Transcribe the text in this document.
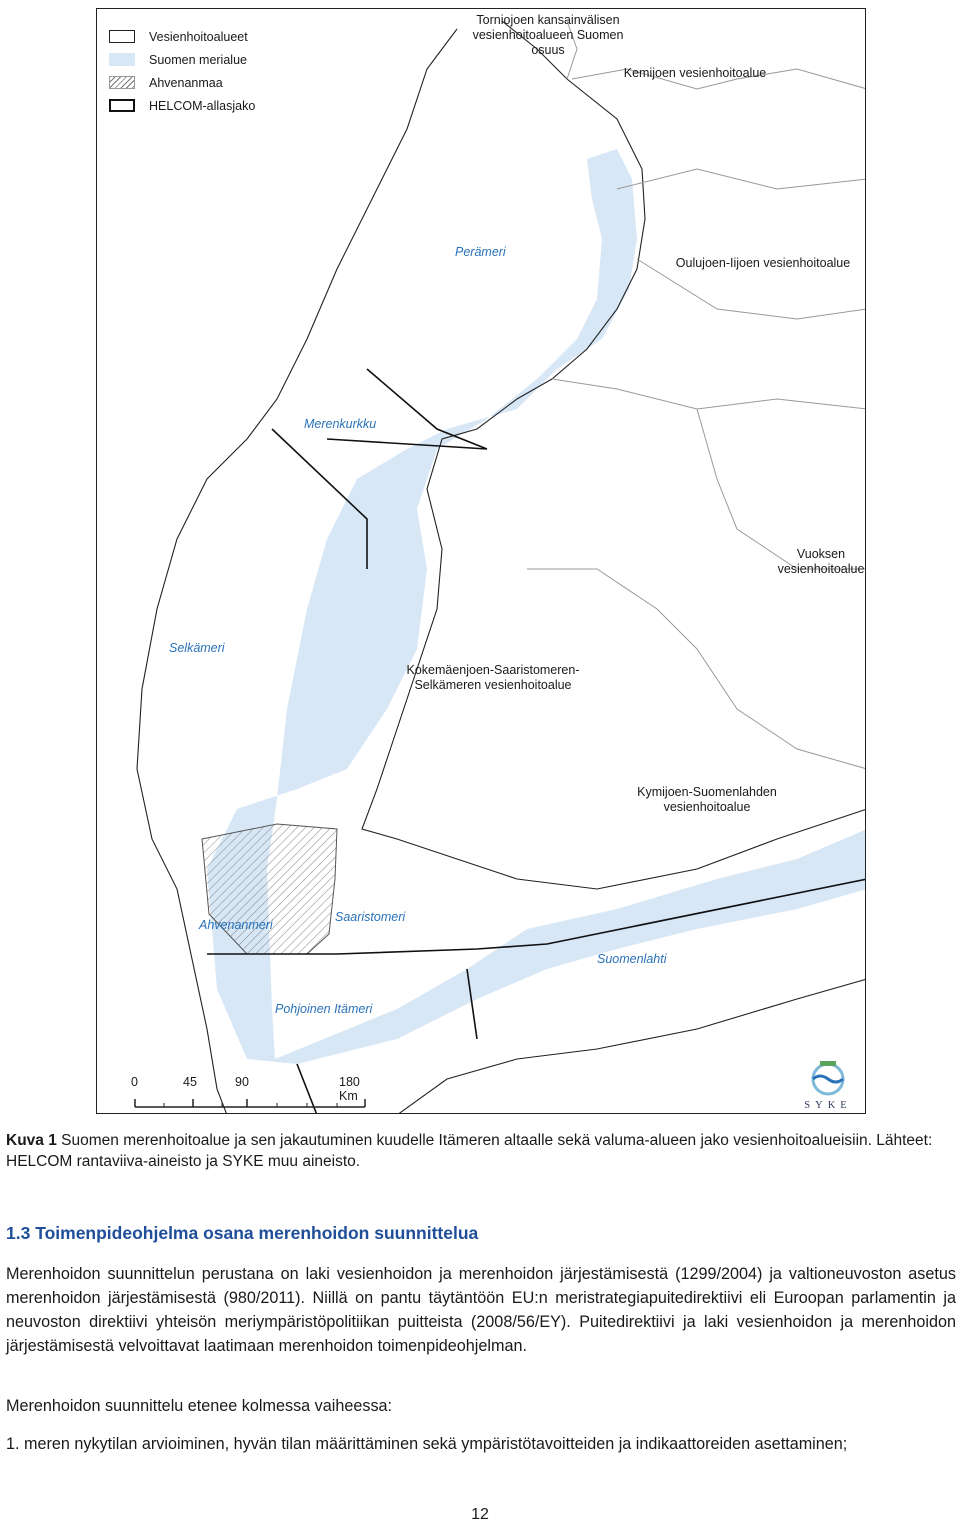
Vesienhoitoalueet
Suomen merialue
Ahvenanmaa
HELCOM-allasjako
Torniojoen kansainvälisen vesienhoitoalueen Suomen osuus
Kemijoen vesienhoitoalue
Oulujoen-Iijoen vesienhoitoalue
Vuoksen vesienhoitoalue
Kokemäenjoen-Saaristomeren-Selkämeren vesienhoitoalue
Kymijoen-Suomenlahden vesienhoitoalue
Perämeri
Merenkurkku
Selkämeri
Ahvenanmeri
Saaristomeri
Suomenlahti
Pohjoinen Itämeri
0	45	90	180 Km
SYKE
Kuva 1 Suomen merenhoitoalue ja sen jakautuminen kuudelle Itämeren altaalle sekä valuma-alueen jako vesienhoitoalueisiin. Lähteet: HELCOM rantaviiva-aineisto ja SYKE muu aineisto.
1.3 Toimenpideohjelma osana merenhoidon suunnittelua
Merenhoidon suunnittelun perustana on laki vesienhoidon ja merenhoidon järjestämisestä (1299/2004) ja valtioneuvoston asetus merenhoidon järjestämisestä (980/2011). Niillä on pantu täytäntöön EU:n meristrategiapuitedirektiivi eli Euroopan parlamentin ja neuvoston direktiivi yhteisön meriympäristöpolitiikan puitteista (2008/56/EY). Puitedirektiivi ja laki vesienhoidon ja merenhoidon järjestämisestä velvoittavat laatimaan merenhoidon toimenpideohjelman.
Merenhoidon suunnittelu etenee kolmessa vaiheessa:
1. meren nykytilan arvioiminen, hyvän tilan määrittäminen sekä ympäristötavoitteiden ja indikaattoreiden asettaminen;
12
